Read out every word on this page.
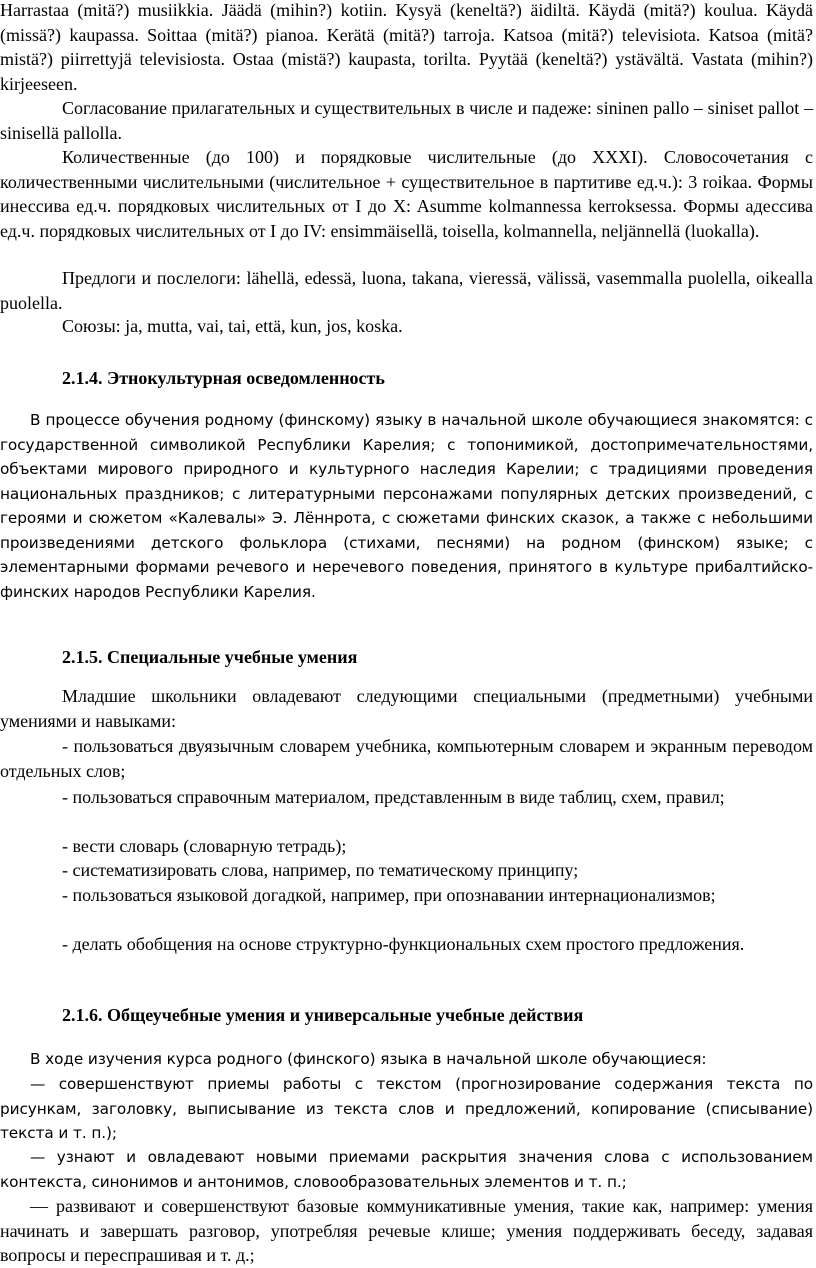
Harrastaa (mitä?) musiikkia. Jäädä (mihin?) kotiin. Kysyä (keneltä?) äidiltä. Käydä (mitä?) koulua. Käydä (missä?) kaupassa. Soittaa (mitä?) pianoa. Kerätä (mitä?) tarroja. Katsoa (mitä?) televisiota. Katsoa (mitä? mistä?) piirrettyjä televisiosta. Ostaa (mistä?) kaupasta, torilta. Pyytää (keneltä?) ystävältä. Vastata (mihin?) kirjeeseen.

Согласование прилагательных и существительных в числе и падеже: sininen pallo – siniset pallot – sinisellä pallolla.

Количественные (до 100) и порядковые числительные (до XXXI). Словосочетания с количественными числительными (числительное + существительное в партитиве ед.ч.): 3 roikaa. Формы инессива ед.ч. порядковых числительных от I до X: Asumme kolmannessa kerroksessa. Формы адессива ед.ч. порядковых числительных от I до IV: ensimmäisellä, toisella, kolmannella, neljännellä (luokalla).

Предлоги и послелоги: lähellä, edessä, luona, takana, vieressä, välissä, vasemmalla puolella, oikealla puolella.

Союзы: ja, mutta, vai, tai, että, kun, jos, koska.

2.1.4. Этнокультурная осведомленность

В процессе обучения родному (финскому) языку в начальной школе обучающиеся знакомятся: с государственной символикой Республики Карелия; с топонимикой, достопримечательностями, объектами мирового природного и культурного наследия Карелии; с традициями проведения национальных праздников; с литературными персонажами популярных детских произведений, с героями и сюжетом «Калевалы» Э. Лённрота, с сюжетами финских сказок, а также с небольшими произведениями детского фольклора (стихами, песнями) на родном (финском) языке; с элементарными формами речевого и неречевого поведения, принятого в культуре прибалтийско-финских народов Республики Карелия.

2.1.5. Специальные учебные умения

Младшие школьники овладевают следующими специальными (предметными) учебными умениями и навыками:

- пользоваться двуязычным словарем учебника, компьютерным словарем и экранным переводом отдельных слов;

- пользоваться справочным материалом, представленным в виде таблиц, схем, правил;

- вести словарь (словарную тетрадь);

- систематизировать слова, например, по тематическому принципу;

- пользоваться языковой догадкой, например, при опознавании интернационализмов;

- делать обобщения на основе структурно-функциональных схем простого предложения.

2.1.6. Общеучебные умения и универсальные учебные действия

В ходе изучения курса родного (финского) языка в начальной школе обучающиеся:

— совершенствуют приемы работы с текстом (прогнозирование содержания текста по рисункам, заголовку, выписывание из текста слов и предложений, копирование (списывание) текста и т. п.);

— узнают и овладевают новыми приемами раскрытия значения слова с использованием контекста, синонимов и антонимов, словообразовательных элементов и т. п.;

— развивают и совершенствуют базовые коммуникативные умения, такие как, например: умения начинать и завершать разговор, употребляя речевые клише; умения поддерживать беседу, задавая вопросы и переспрашивая и т. д.;
